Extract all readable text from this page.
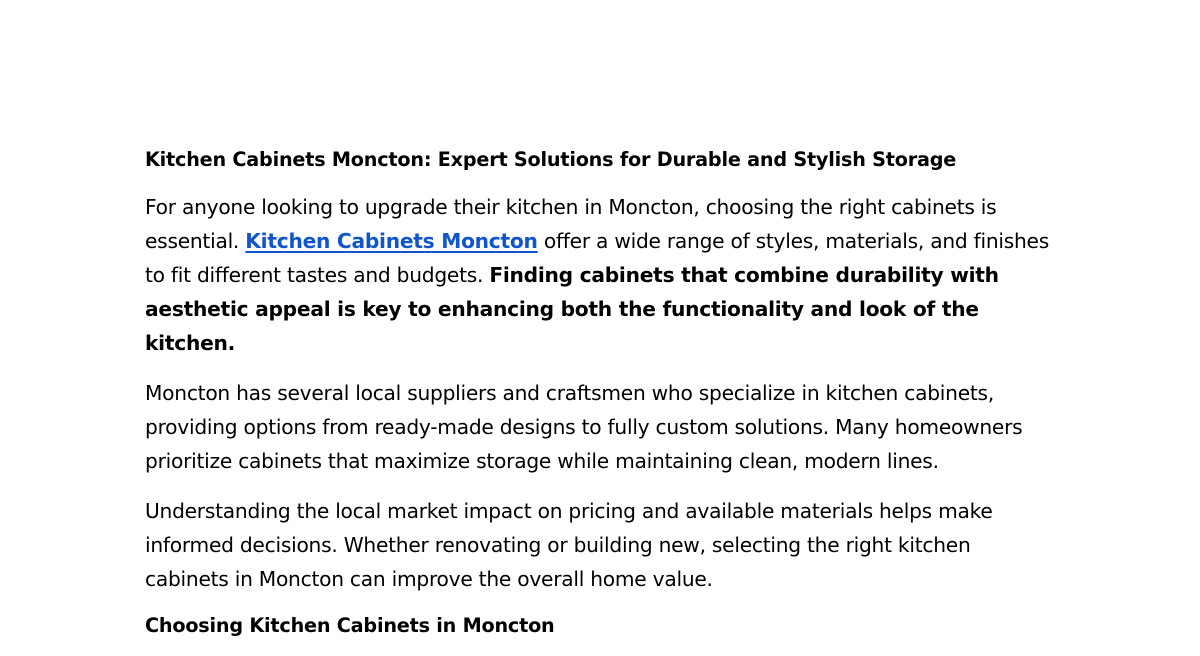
Kitchen Cabinets Moncton: Expert Solutions for Durable and Stylish Storage

For anyone looking to upgrade their kitchen in Moncton, choosing the right cabinets is essential. Kitchen Cabinets Moncton offer a wide range of styles, materials, and finishes to fit different tastes and budgets. Finding cabinets that combine durability with aesthetic appeal is key to enhancing both the functionality and look of the kitchen.

Moncton has several local suppliers and craftsmen who specialize in kitchen cabinets, providing options from ready-made designs to fully custom solutions. Many homeowners prioritize cabinets that maximize storage while maintaining clean, modern lines.

Understanding the local market impact on pricing and available materials helps make informed decisions. Whether renovating or building new, selecting the right kitchen cabinets in Moncton can improve the overall home value.

Choosing Kitchen Cabinets in Moncton
